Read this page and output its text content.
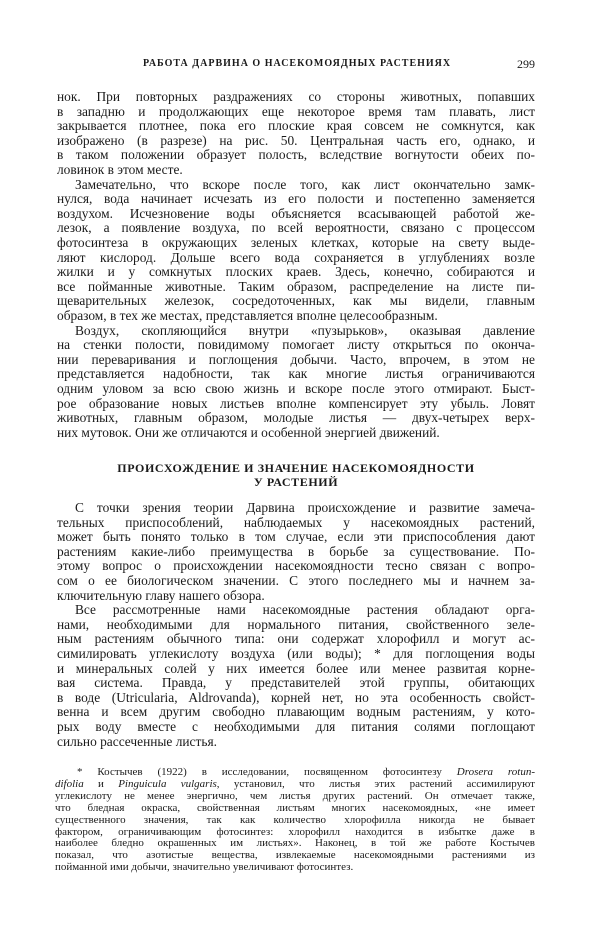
РАБОТА ДАРВИНА О НАСЕКОМОЯДНЫХ РАСТЕНИЯХ	299
нок. При повторных раздражениях со стороны животных, попавших
в западню и продолжающих еще некоторое время там плавать, лист
закрывается плотнее, пока его плоские края совсем не сомкнутся, как
изображено (в разрезе) на рис. 50. Центральная часть его, однако, и
в таком положении образует полость, вследствие вогнутости обеих по-
ловинок в этом месте.
Замечательно, что вскоре после того, как лист окончательно замк-
нулся, вода начинает исчезать из его полости и постепенно заменяется
воздухом. Исчезновение воды объясняется всасывающей работой же-
лезок, а появление воздуха, по всей вероятности, связано с процессом
фотосинтеза в окружающих зеленых клетках, которые на свету выде-
ляют кислород. Дольше всего вода сохраняется в углублениях возле
жилки и у сомкнутых плоских краев. Здесь, конечно, собираются и
все пойманные животные. Таким образом, распределение на листе пи-
щеварительных железок, сосредоточенных, как мы видели, главным
образом, в тех же местах, представляется вполне целесообразным.
Воздух, скопляющийся внутри «пузырьков», оказывая давление
на стенки полости, повидимому помогает листу открыться по оконча-
нии переваривания и поглощения добычи. Часто, впрочем, в этом не
представляется надобности, так как многие листья ограничиваются
одним уловом за всю свою жизнь и вскоре после этого отмирают. Быст-
рое образование новых листьев вполне компенсирует эту убыль. Ловят
животных, главным образом, молодые листья — двух-четырех верх-
них мутовок. Они же отличаются и особенной энергией движений.
ПРОИСХОЖДЕНИЕ И ЗНАЧЕНИЕ НАСЕКОМОЯДНОСТИ
У РАСТЕНИЙ
С точки зрения теории Дарвина происхождение и развитие замеча-
тельных приспособлений, наблюдаемых у насекомоядных растений,
может быть понято только в том случае, если эти приспособления дают
растениям какие-либо преимущества в борьбе за существование. По-
этому вопрос о происхождении насекомоядности тесно связан с вопро-
сом о ее биологическом значении. С этого последнего мы и начнем за-
ключительную главу нашего обзора.
Все рассмотренные нами насекомоядные растения обладают орга-
нами, необходимыми для нормального питания, свойственного зеле-
ным растениям обычного типа: они содержат хлорофилл и могут ас-
симилировать углекислоту воздуха (или воды); * для поглощения воды
и минеральных солей у них имеется более или менее развитая корне-
вая система. Правда, у представителей этой группы, обитающих
в воде (Utricularia, Aldrovanda), корней нет, но эта особенность свойст-
венна и всем другим свободно плавающим водным растениям, у кото-
рых воду вместе с необходимыми для питания солями поглощают
сильно рассеченные листья.
* Костычев (1922) в исследовании, посвященном фотосинтезу Drosera rotun-
difolia и Pinguicula vulgaris, установил, что листья этих растений ассимилируют
углекислоту не менее энергично, чем листья других растений. Он отмечает также,
что бледная окраска, свойственная листьям многих насекомоядных, «не имеет
существенного значения, так как количество хлорофилла никогда не бывает
фактором, ограничивающим фотосинтез: хлорофилл находится в избытке даже в
наиболее бледно окрашенных им листьях». Наконец, в той же работе Костычев
показал, что азотистые вещества, извлекаемые насекомоядными растениями из
пойманной ими добычи, значительно увеличивают фотосинтез.
